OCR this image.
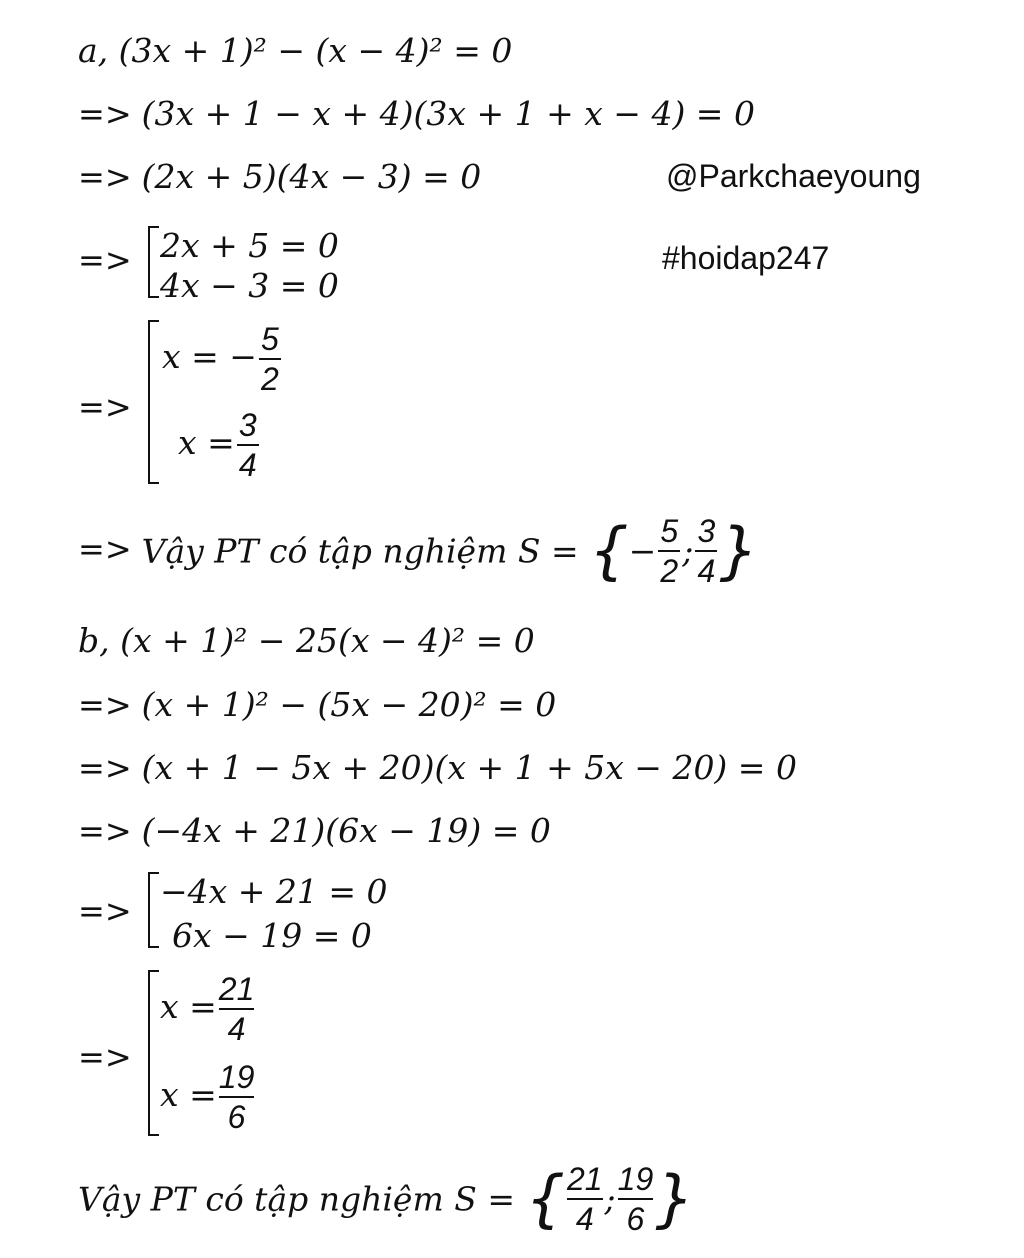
a, (3x + 1)² − (x − 4)² = 0
=> (3x + 1 − x + 4)(3x + 1 + x − 4) = 0
=> (2x + 5)(4x − 3) = 0	@Parkchaeyoung
#hoidap247
=> 2x + 5 = 0
4x − 3 = 0
=>
x = − $\frac{5}{2}$
$x = \frac{3}{4}$
=> Vậy PT có tập nghiệm S = {− $\frac{5}{2}$ ; $\frac{3}{4}$ }
b, (x + 1)² − 25(x − 4)² = 0
=> (x + 1)² − (5x − 20)² = 0
=> (x + 1 − 5x + 20)(x + 1 + 5x − 20) = 0
=> (−4x + 21)(6x − 19) = 0
=> −4x + 21 = 0
6x − 19 = 0
=>
$x = \frac{21}{4}$
$x = \frac{19}{6}$
Vậy PT có tập nghiệm S = { $\frac{21}{4}$ ; $\frac{19}{6}$ }
